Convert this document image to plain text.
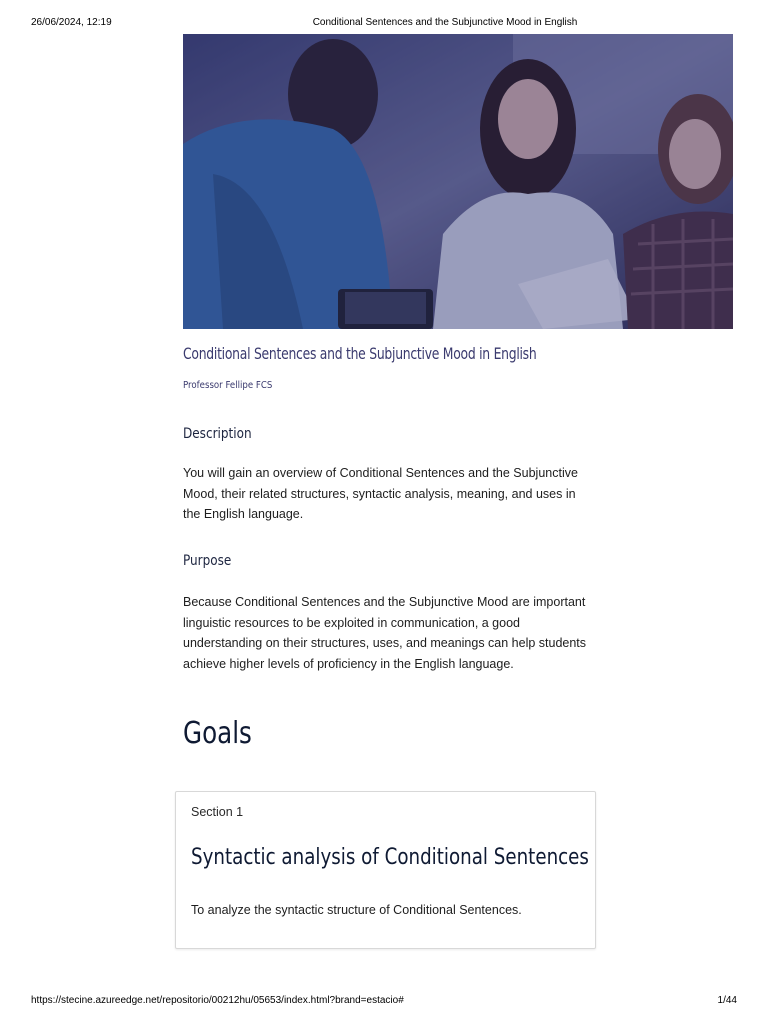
26/06/2024, 12:19	Conditional Sentences and the Subjunctive Mood in English
Conditional Sentences and the Subjunctive Mood in English
Professor Fellipe FCS
Description
You will gain an overview of Conditional Sentences and the Subjunctive Mood, their related structures, syntactic analysis, meaning, and uses in the English language.
Purpose
Because Conditional Sentences and the Subjunctive Mood are important linguistic resources to be exploited in communication, a good understanding on their structures, uses, and meanings can help students achieve higher levels of proficiency in the English language.
Goals
Section 1
Syntactic analysis of Conditional Sentences
To analyze the syntactic structure of Conditional Sentences.
https://stecine.azureedge.net/repositorio/00212hu/05653/index.html?brand=estacio#	1/44
